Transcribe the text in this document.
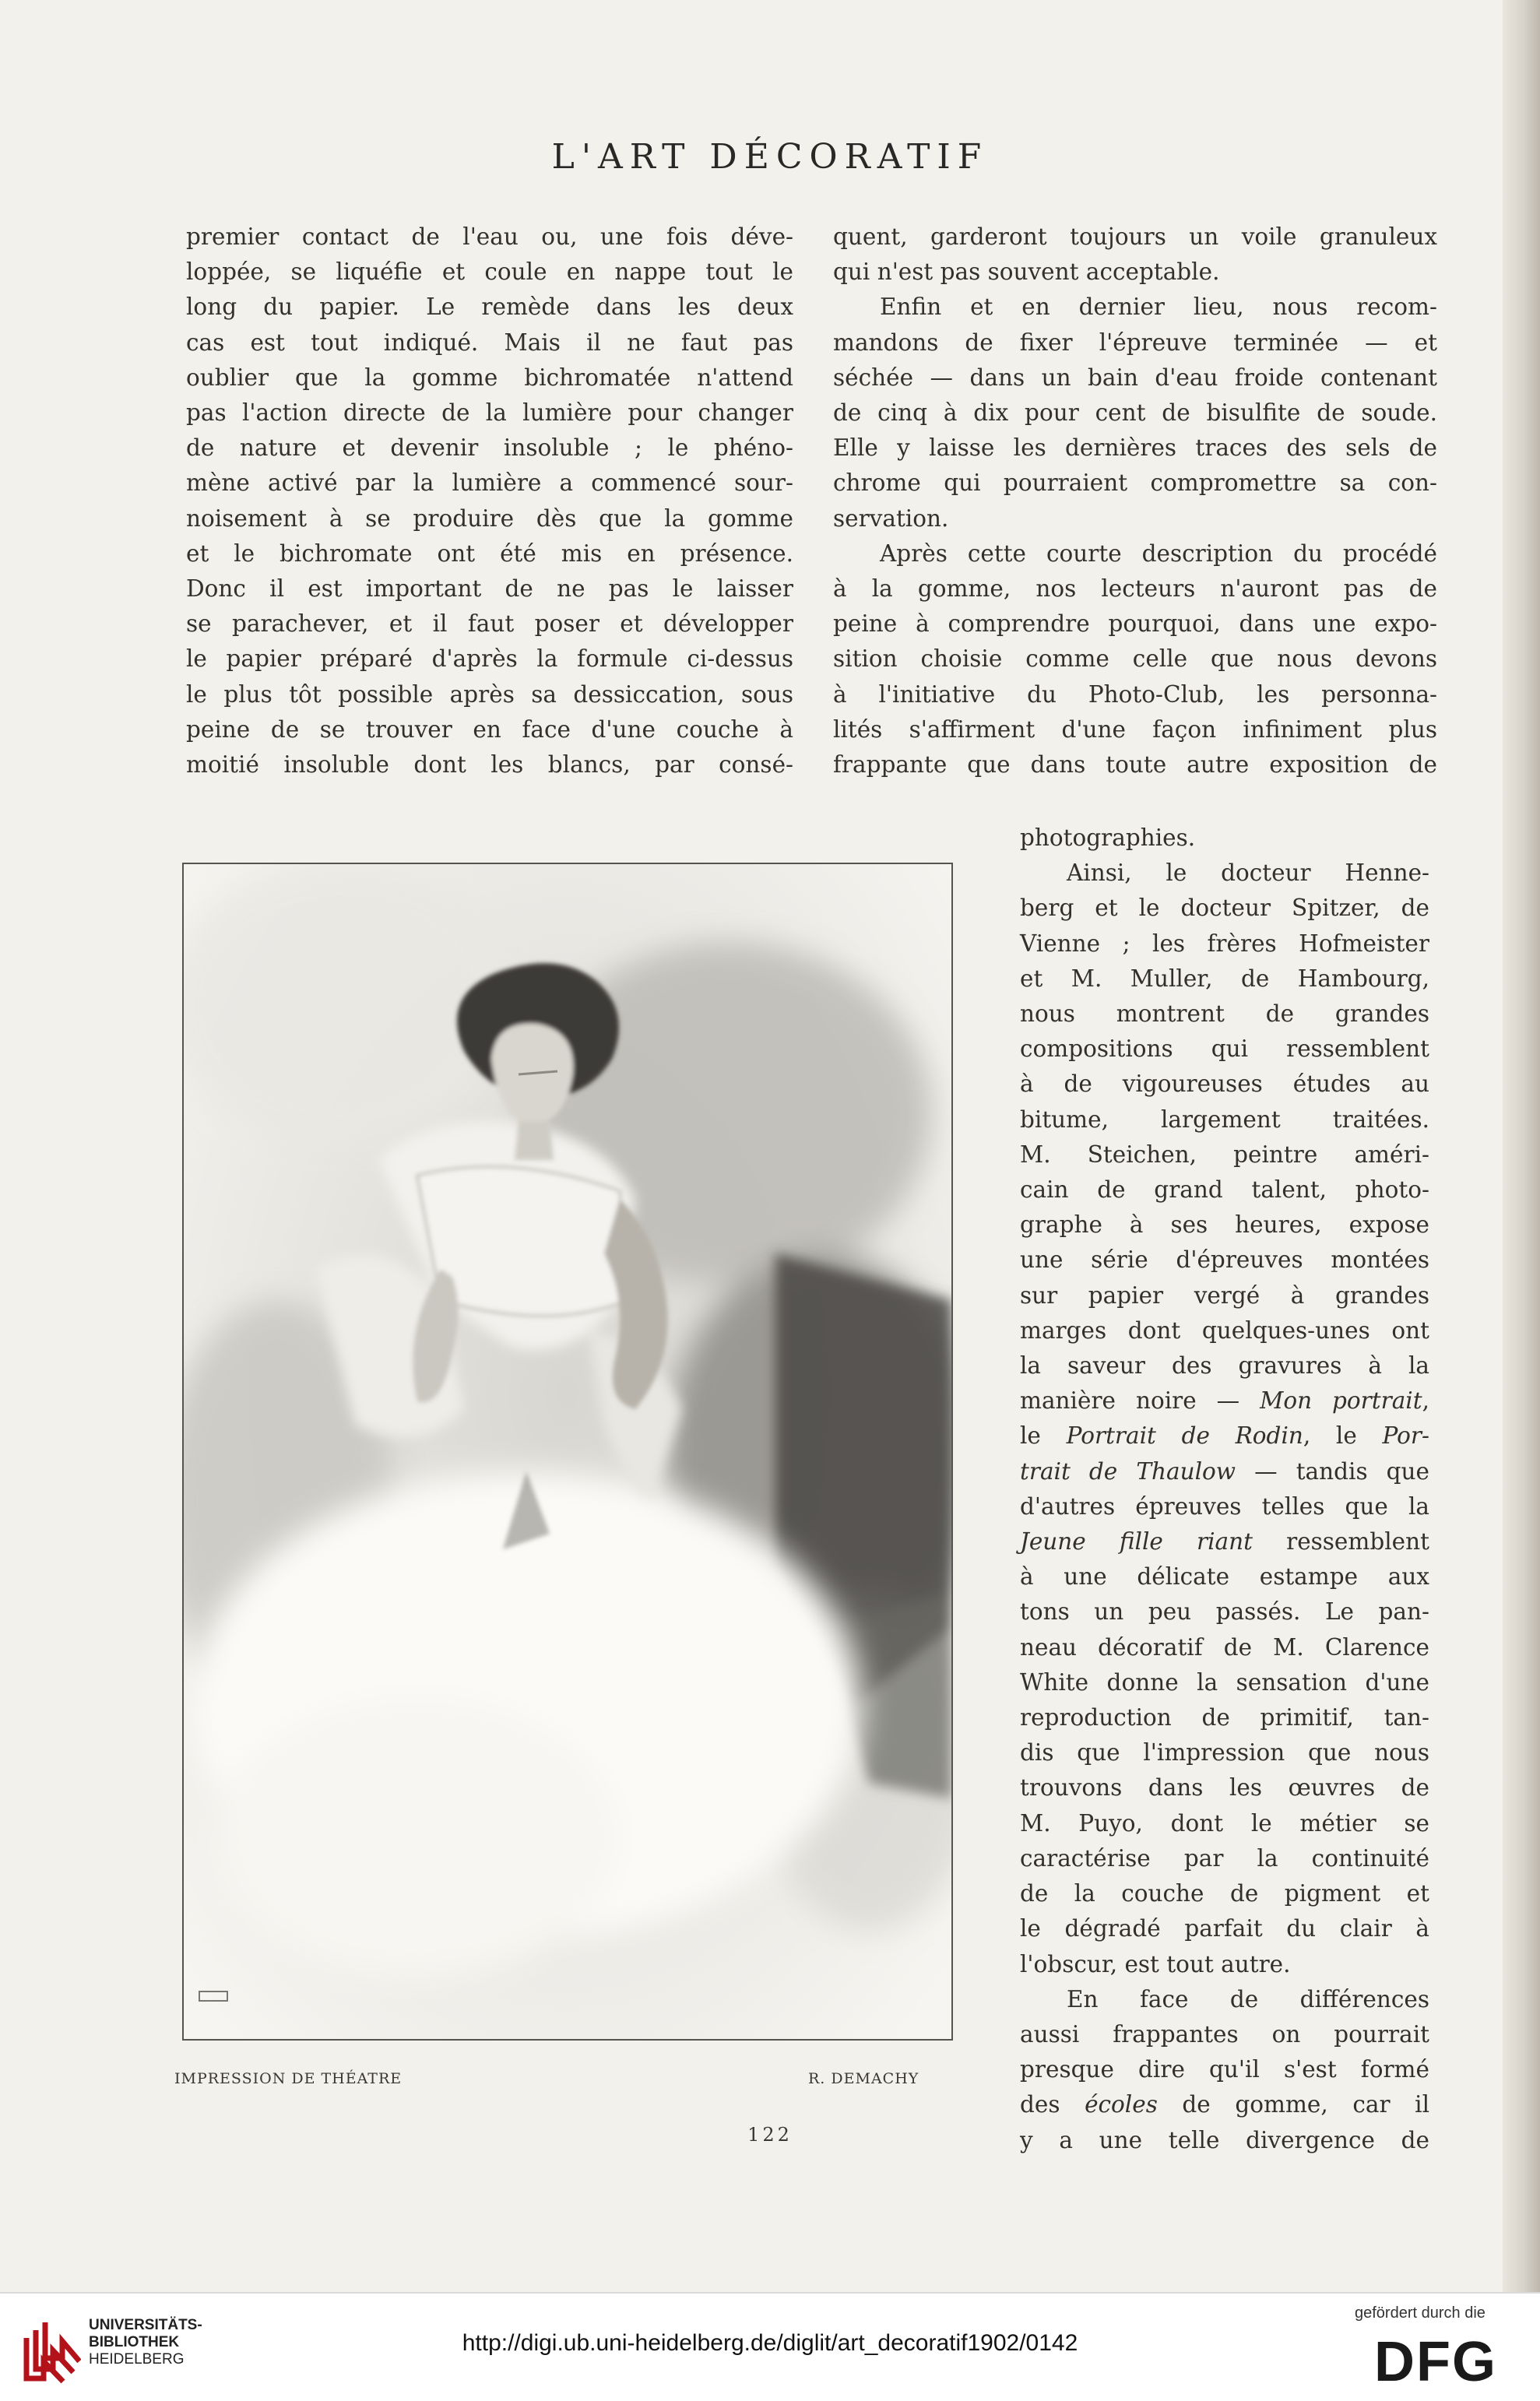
L'ART DÉCORATIF

premier contact de l'eau ou, une fois déve-

loppée, se liquéfie et coule en nappe tout le

long du papier. Le remède dans les deux

cas est tout indiqué. Mais il ne faut pas

oublier que la gomme bichromatée n'attend

pas l'action directe de la lumière pour changer

de nature et devenir insoluble ; le phéno-

mène activé par la lumière a commencé sour-

noisement à se produire dès que la gomme

et le bichromate ont été mis en présence.

Donc il est important de ne pas le laisser

se parachever, et il faut poser et développer

le papier préparé d'après la formule ci-dessus

le plus tôt possible après sa dessiccation, sous

peine de se trouver en face d'une couche à

moitié insoluble dont les blancs, par consé-

quent, garderont toujours un voile granuleux

qui n'est pas souvent acceptable.

Enfin et en dernier lieu, nous recom-

mandons de fixer l'épreuve terminée — et

séchée — dans un bain d'eau froide contenant

de cinq à dix pour cent de bisulfite de soude.

Elle y laisse les dernières traces des sels de

chrome qui pourraient compromettre sa con-

servation.

Après cette courte description du procédé

à la gomme, nos lecteurs n'auront pas de

peine à comprendre pourquoi, dans une expo-

sition choisie comme celle que nous devons

à l'initiative du Photo-Club, les personna-

lités s'affirment d'une façon infiniment plus

frappante que dans toute autre exposition de

photographies.

Ainsi, le docteur Henne-

berg et le docteur Spitzer, de

Vienne ; les frères Hofmeister

et M. Muller, de Hambourg,

nous montrent de grandes

compositions qui ressemblent

à de vigoureuses études au

bitume, largement traitées.

M. Steichen, peintre améri-

cain de grand talent, photo-

graphe à ses heures, expose

une série d'épreuves montées

sur papier vergé à grandes

marges dont quelques-unes ont

la saveur des gravures à la

manière noire — Mon portrait,

le Portrait de Rodin, le Por-

trait de Thaulow — tandis que

d'autres épreuves telles que la

Jeune fille riant ressemblent

à une délicate estampe aux

tons un peu passés. Le pan-

neau décoratif de M. Clarence

White donne la sensation d'une

reproduction de primitif, tan-

dis que l'impression que nous

trouvons dans les œuvres de

M. Puyo, dont le métier se

caractérise par la continuité

de la couche de pigment et

le dégradé parfait du clair à

l'obscur, est tout autre.

En face de différences

aussi frappantes on pourrait

presque dire qu'il s'est formé

des écoles de gomme, car il

y a une telle divergence de

IMPRESSION DE THÉATRE	R. DEMACHY
122
UNIVERSITÄTS-
BIBLIOTHEK
HEIDELBERG
http://digi.ub.uni-heidelberg.de/diglit/art_decoratif1902/0142
gefördert durch die
DFG
